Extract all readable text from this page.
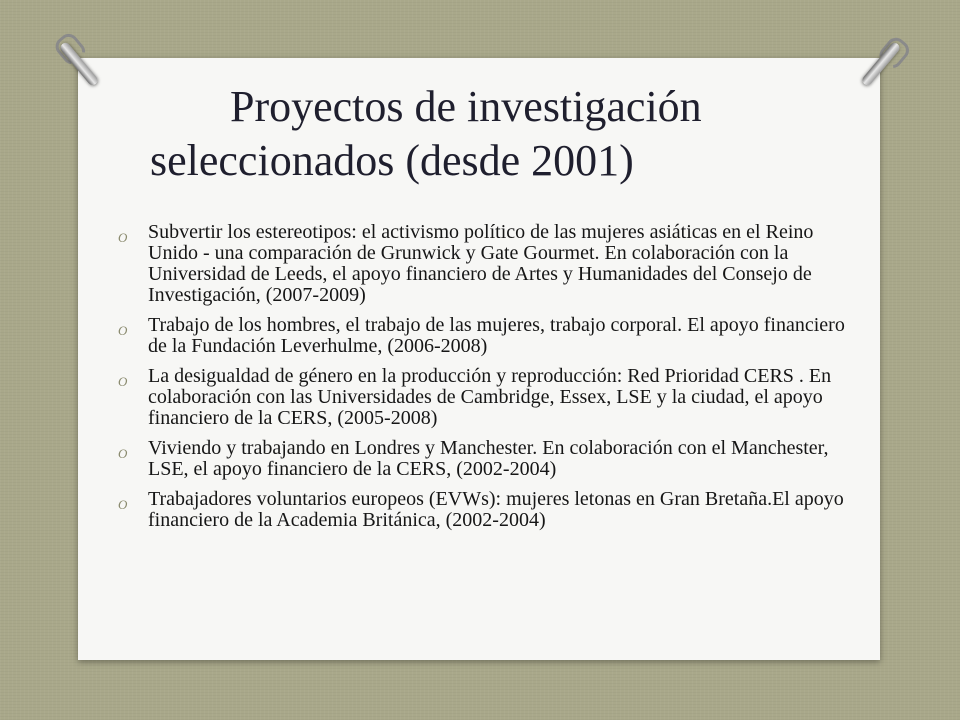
Proyectos de investigación
seleccionados (desde 2001)
O Subvertir los estereotipos: el activismo político de las mujeres asiáticas en el Reino Unido - una comparación de Grunwick y Gate Gourmet. En colaboración con la Universidad de Leeds, el apoyo financiero de Artes y Humanidades del Consejo de Investigación, (2007-2009)
O Trabajo de los hombres, el trabajo de las mujeres, trabajo corporal. El apoyo financiero de la Fundación Leverhulme, (2006-2008)
O La desigualdad de género en la producción y reproducción: Red Prioridad CERS . En colaboración con las Universidades de Cambridge, Essex, LSE y la ciudad, el apoyo financiero de la CERS, (2005-2008)
O Viviendo y trabajando en Londres y Manchester. En colaboración con el Manchester, LSE, el apoyo financiero de la CERS, (2002-2004)
O Trabajadores voluntarios europeos (EVWs): mujeres letonas en Gran Bretaña.El apoyo financiero de la Academia Británica, (2002-2004)
